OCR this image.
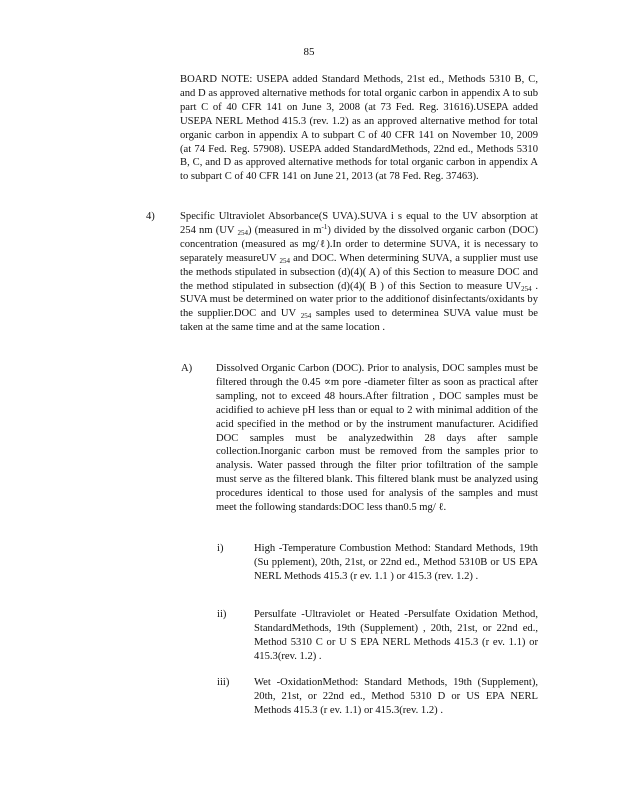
85
BOARD NOTE: USEPA added Standard Methods, 21st ed., Methods 5310 B, C, and D as approved alternative methods for total organic carbon in appendix A to sub part C of 40 CFR 141 on June 3, 2008 (at 73 Fed. Reg. 31616).USEPA added USEPA NERL Method 415.3 (rev. 1.2) as an approved alternative method for total organic carbon in appendix A to subpart C of 40 CFR 141 on November 10, 2009 (at 74 Fed. Reg. 57908). USEPA added StandardMethods, 22nd ed., Methods 5310 B, C, and D as approved alternative methods for total organic carbon in appendix A to subpart C of 40 CFR 141 on June 21, 2013 (at 78 Fed. Reg. 37463).
4) Specific Ultraviolet Absorbance(S UVA).SUVA i s equal to the UV absorption at 254 nm (UV $_{254}$) (measured in $m^{-1}$) divided by the dissolved organic carbon (DOC) concentration (measured as mg/ℓ).In order to determine SUVA, it is necessary to separately measureUV $_{254}$ and DOC. When determining SUVA, a supplier must use the methods stipulated in subsection (d)(4)( A) of this Section to measure DOC and the method stipulated in subsection (d)(4)( B ) of this Section to measure $UV_{254}$ . SUVA must be determined on water prior to the additionof disinfectants/oxidants by the supplier.DOC and UV $_{254}$ samples used to determinea SUVA value must be taken at the same time and at the same location .
A) Dissolved Organic Carbon (DOC). Prior to analysis, DOC samples must be filtered through the 0.45 ∝m pore -diameter filter as soon as practical after sampling, not to exceed 48 hours.After filtration , DOC samples must be acidified to achieve pH less than or equal to 2 with minimal addition of the acid specified in the method or by the instrument manufacturer. Acidified DOC samples must be analyzedwithin 28 days after sample collection.Inorganic carbon must be removed from the samples prior to analysis. Water passed through the filter prior tofiltration of the sample must serve as the filtered blank. This filtered blank must be analyzed using procedures identical to those used for analysis of the samples and must meet the following standards:DOC less than0.5 mg/ ℓ.
i)	High -Temperature Combustion Method: Standard Methods, 19th (Su pplement), 20th, 21st, or 22nd ed., Method 5310B or US EPA NERL Methods 415.3 (r ev. 1.1 ) or 415.3 (rev. 1.2) .
ii)	Persulfate -Ultraviolet or Heated -Persulfate Oxidation Method, StandardMethods, 19th (Supplement) , 20th, 21st, or 22nd ed., Method 5310 C or U S EPA NERL Methods 415.3 (r ev. 1.1) or 415.3(rev. 1.2) .
iii) Wet -OxidationMethod: Standard Methods, 19th (Supplement), 20th, 21st, or 22nd ed., Method 5310 D or US EPA NERL Methods 415.3 (r ev. 1.1) or 415.3(rev. 1.2) .
